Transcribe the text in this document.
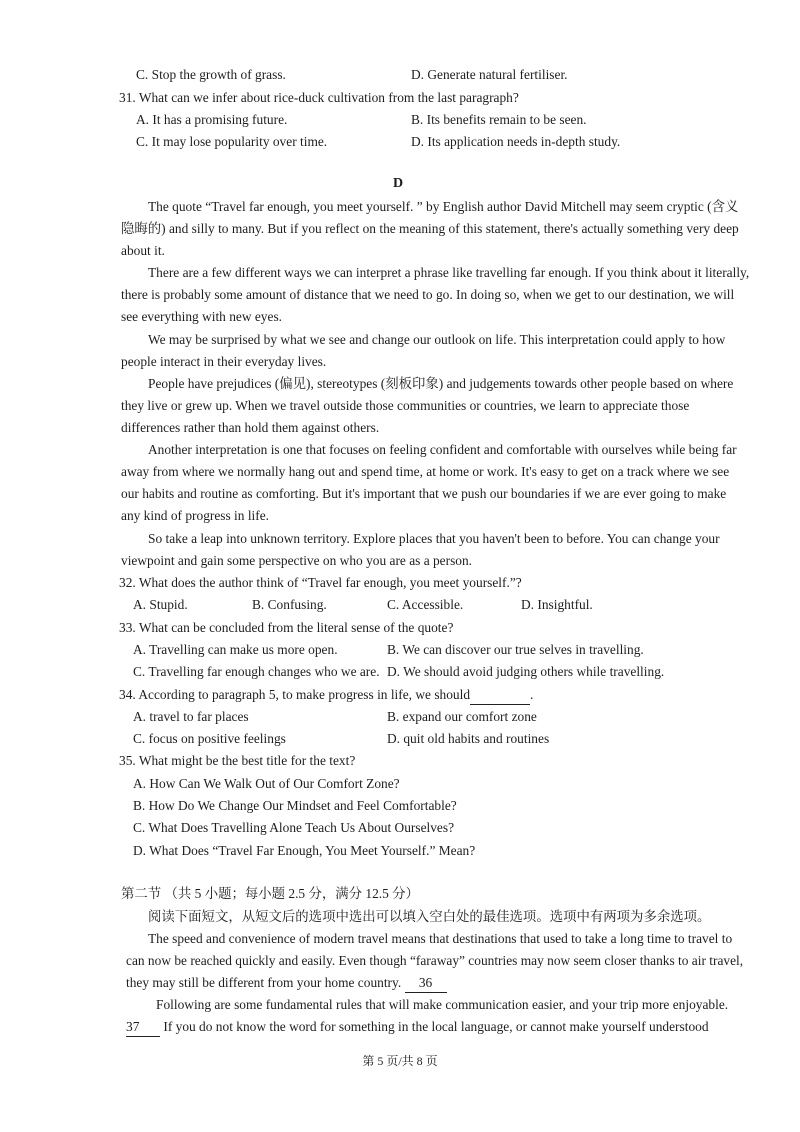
C. Stop the growth of grass.	D. Generate natural fertiliser.
31. What can we infer about rice-duck cultivation from the last paragraph?
A. It has a promising future.	B. Its benefits remain to be seen.
C. It may lose popularity over time.	D. Its application needs in-depth study.
D
The quote “Travel far enough, you meet yourself. ” by English author David Mitchell may seem cryptic (含义
隐晦的) and silly to many. But if you reflect on the meaning of this statement, there's actually something very deep
about it.
There are a few different ways we can interpret a phrase like travelling far enough. If you think about it literally,
there is probably some amount of distance that we need to go. In doing so, when we get to our destination, we will
see everything with new eyes.
We may be surprised by what we see and change our outlook on life. This interpretation could apply to how
people interact in their everyday lives.
People have prejudices (偏见), stereotypes (刻板印象) and judgements towards other people based on where
they live or grew up. When we travel outside those communities or countries, we learn to appreciate those
differences rather than hold them against others.
Another interpretation is one that focuses on feeling confident and comfortable with ourselves while being far
away from where we normally hang out and spend time, at home or work. It's easy to get on a track where we see
our habits and routine as comforting. But it's important that we push our boundaries if we are ever going to make
any kind of progress in life.
So take a leap into unknown territory. Explore places that you haven't been to before. You can change your
viewpoint and gain some perspective on who you are as a person.
32. What does the author think of “Travel far enough, you meet yourself.”?
A. Stupid.	B. Confusing.	C. Accessible.	D. Insightful.
33. What can be concluded from the literal sense of the quote?
A. Travelling can make us more open.	B. We can discover our true selves in travelling.
C. Travelling far enough changes who we are. D. We should avoid judging others while travelling.
34. According to paragraph 5, to make progress in life, we should	.
A. travel to far places	B. expand our comfort zone
C. focus on positive feelings	D. quit old habits and routines
35. What might be the best title for the text?
A. How Can We Walk Out of Our Comfort Zone?
B. How Do We Change Our Mindset and Feel Comfortable?
C. What Does Travelling Alone Teach Us About Ourselves?
D. What Does “Travel Far Enough, You Meet Yourself.” Mean?
第二节 （共 5 小题；每小题 2.5 分，满分 12.5 分）
阅读下面短文，从短文后的选项中选出可以填入空白处的最佳选项。选项中有两项为多余选项。
The speed and convenience of modern travel means that destinations that used to take a long time to travel to
can now be reached quickly and easily. Even though “faraway” countries may now seem closer thanks to air travel,
they may still be different from your home country. 36
Following are some fundamental rules that will make communication easier, and your trip more enjoyable.
37 If you do not know the word for something in the local language, or cannot make yourself understood
第 5 页/共 8 页
